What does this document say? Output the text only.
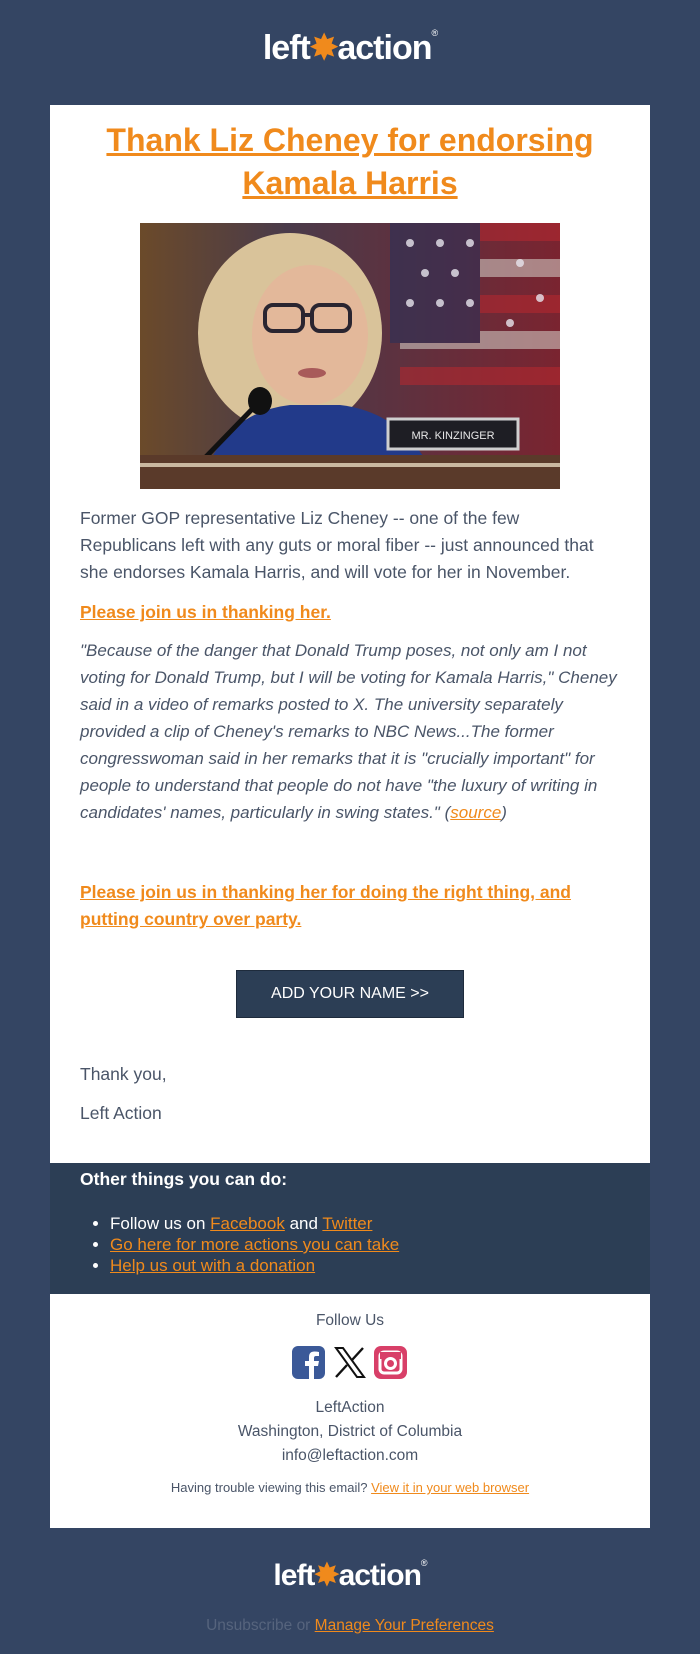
left✸action®
Thank Liz Cheney for endorsing Kamala Harris
MR. KINZINGER

Former GOP representative Liz Cheney -- one of the few Republicans left with any guts or moral fiber -- just announced that she endorses Kamala Harris, and will vote for her in November.

Please join us in thanking her.

"Because of the danger that Donald Trump poses, not only am I not voting for Donald Trump, but I will be voting for Kamala Harris," Cheney said in a video of remarks posted to X. The university separately provided a clip of Cheney's remarks to NBC News...The former congresswoman said in her remarks that it is "crucially important" for people to understand that people do not have "the luxury of writing in candidates' names, particularly in swing states." (source)

Please join us in thanking her for doing the right thing, and putting country over party.

ADD YOUR NAME >>

Thank you,

Left Action

Other things you can do:
• Follow us on Facebook and Twitter
• Go here for more actions you can take
• Help us out with a donation
Follow Us
LeftAction
Washington, District of Columbia
info@leftaction.com
Having trouble viewing this email? View it in your web browser
left✸action®
Unsubscribe or Manage Your Preferences
